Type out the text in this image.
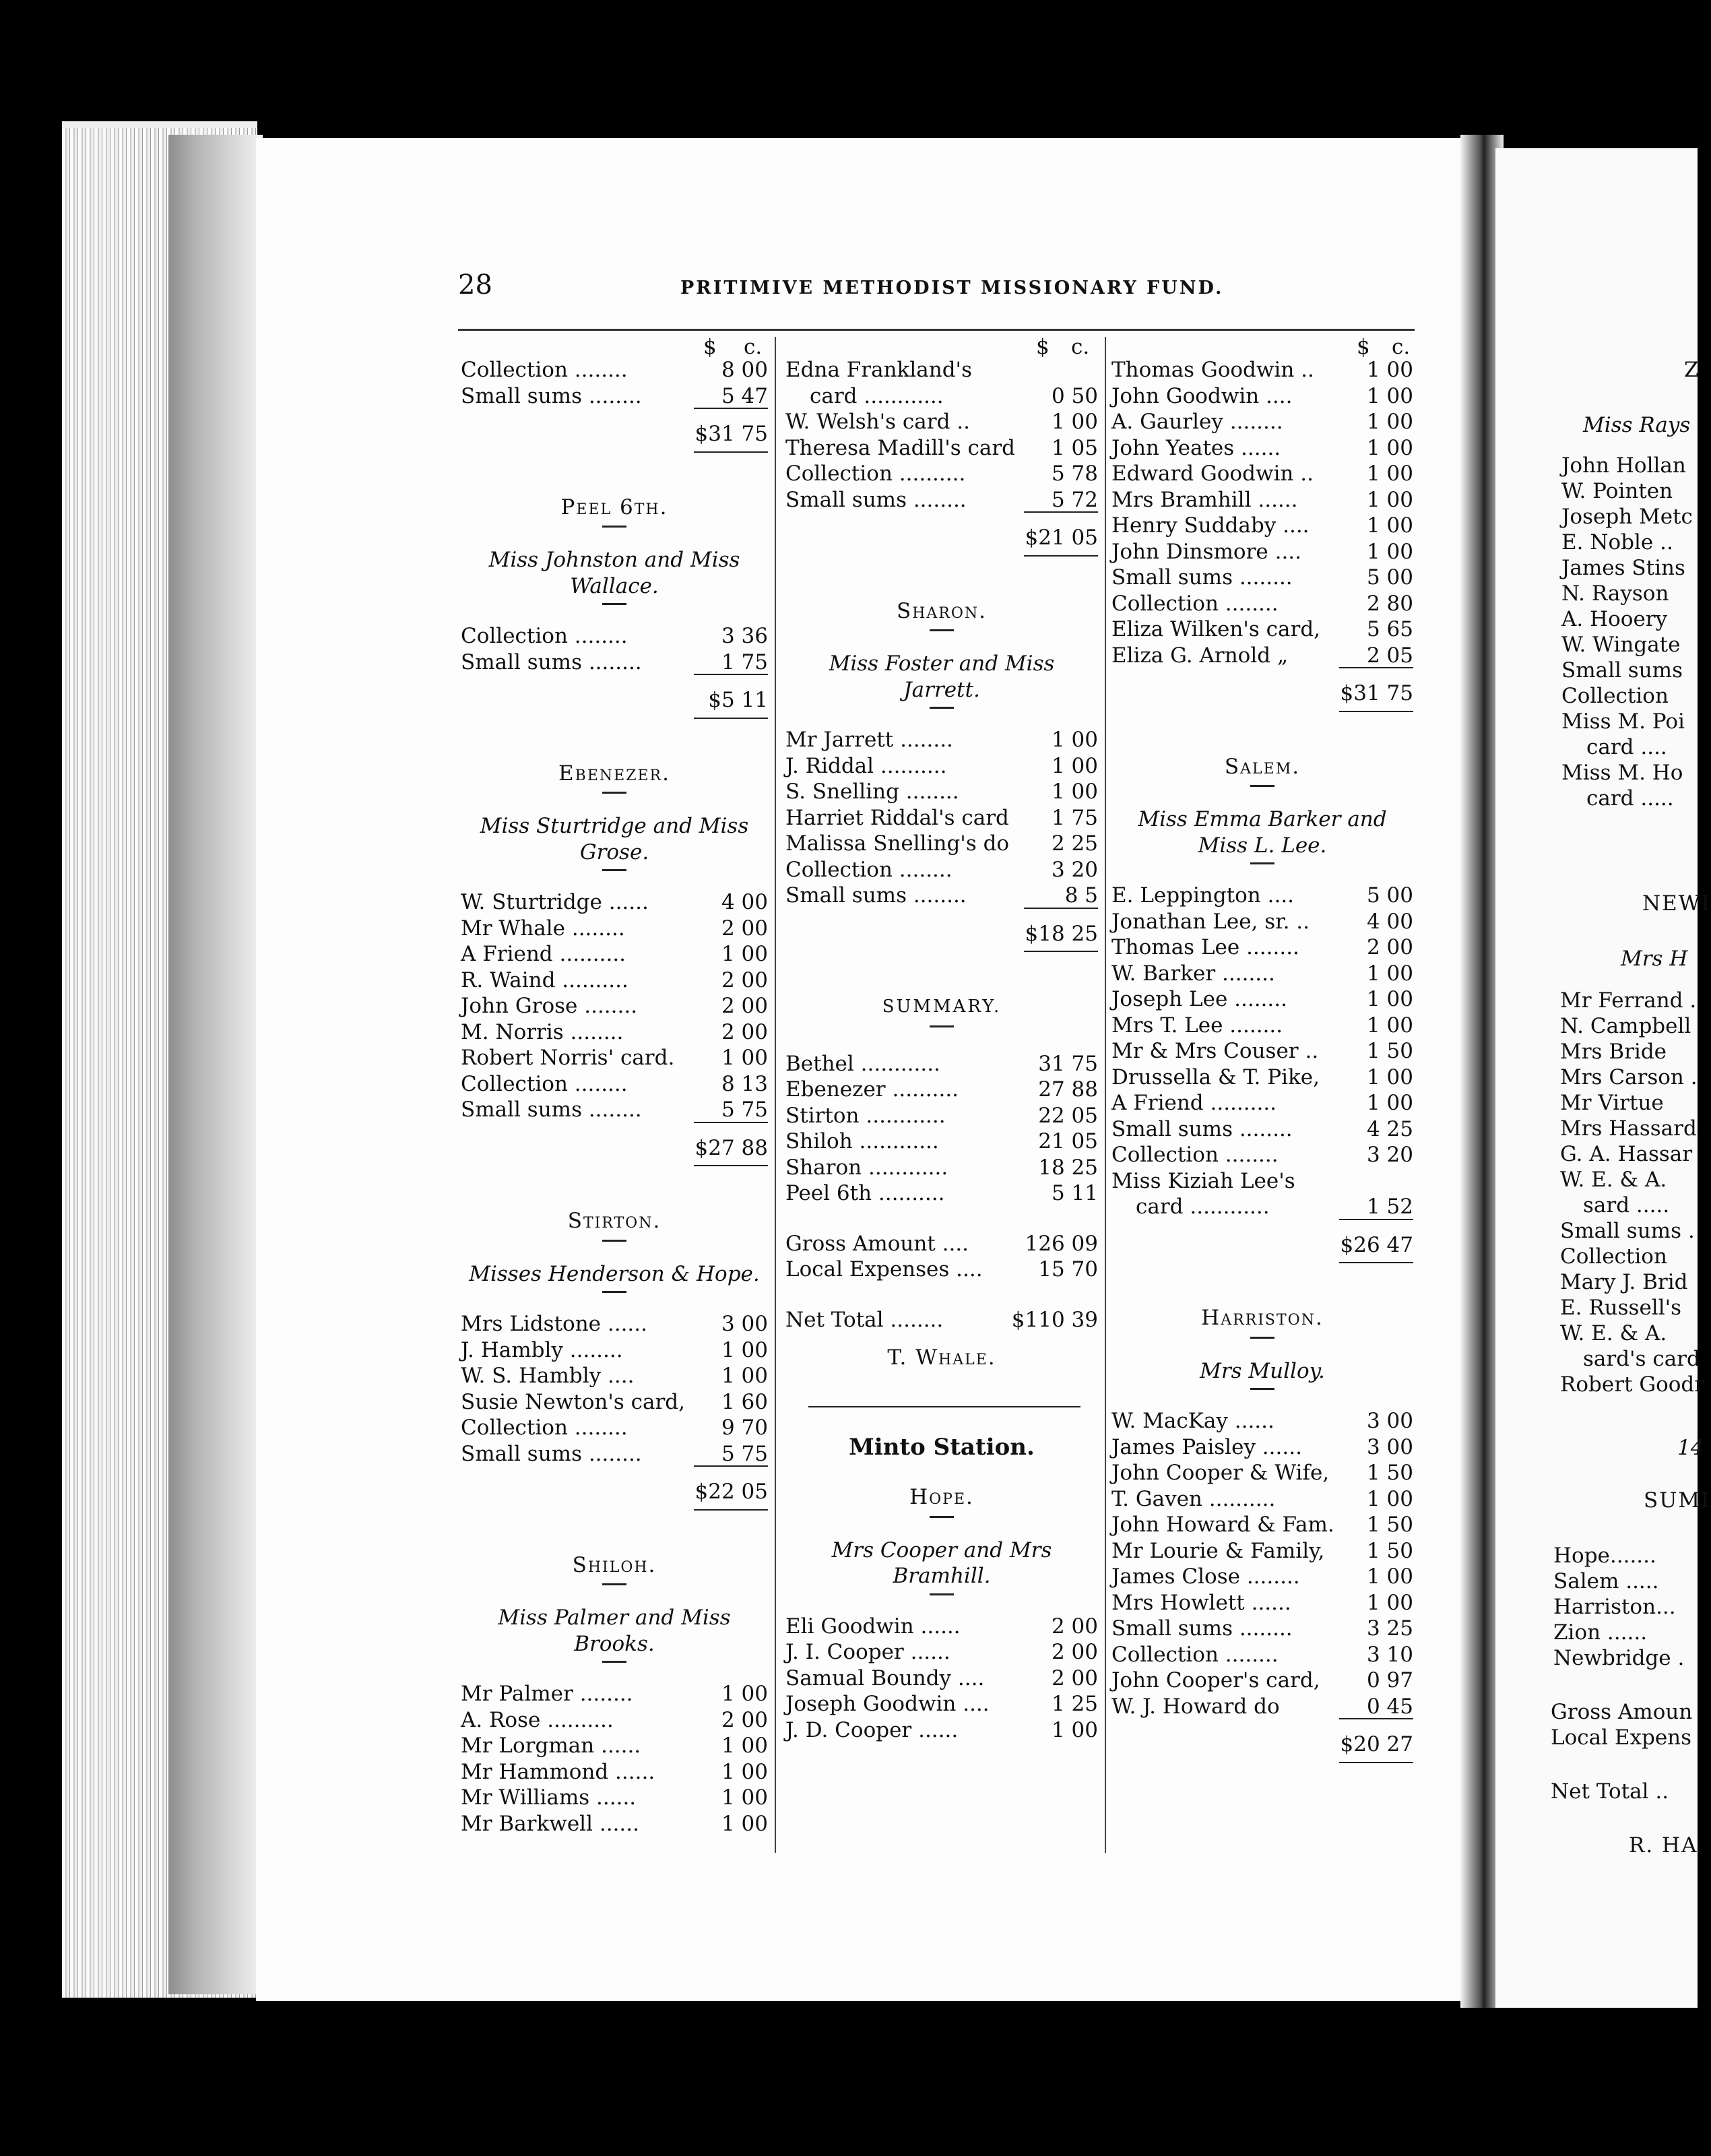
28	PRITIMIVE METHODIST MISSIONARY FUND.
$ c.	$ c.	$ c.
Collection ........	8 00
Small sums ........	5 47
$31 75
Peel 6th.
Miss Johnston and Miss
Wallace.
Collection ........	3 36
Small sums ........	1 75
$5 11
Ebenezer.
Miss Sturtridge and Miss
Grose.
W. Sturtridge ......	4 00
Mr Whale ........	2 00
A Friend ..........	1 00
R. Waind ..........	2 00
John Grose ........	2 00
M. Norris ........	2 00
Robert Norris' card.	1 00
Collection ........	8 13
Small sums ........	5 75
$27 88
Stirton.
Misses Henderson & Hope.
Mrs Lidstone ......	3 00
J. Hambly ........	1 00
W. S. Hambly ....	1 00
Susie Newton's card,	1 60
Collection ........	9 70
Small sums ........	5 75
$22 05
Shiloh.
Miss Palmer and Miss
Brooks.
Mr Palmer ........	1 00
A. Rose ..........	2 00
Mr Lorgman ......	1 00
Mr Hammond ......	1 00
Mr Williams ......	1 00
Mr Barkwell ......	1 00
Edna Frankland's
card ............	0 50
W. Welsh's card ..	1 00
Theresa Madill's card	1 05
Collection ..........	5 78
Small sums ........	5 72
$21 05
Sharon.
Miss Foster and Miss
Jarrett.
Mr Jarrett ........	1 00
J. Riddal ..........	1 00
S. Snelling ........	1 00
Harriet Riddal's card	1 75
Malissa Snelling's do	2 25
Collection ........	3 20
Small sums ........	8 5
$18 25
SUMMARY.
Bethel ............	31 75
Ebenezer ..........	27 88
Stirton ............	22 05
Shiloh ............	21 05
Sharon ............	18 25
Peel 6th ..........	5 11
Gross Amount ....	126 09
Local Expenses ....	15 70
Net Total ........	$110 39
T. Whale.
Minto Station.
Hope.
Mrs Cooper and Mrs
Bramhill.
Eli Goodwin ......	2 00
J. I. Cooper ......	2 00
Samual Boundy ....	2 00
Joseph Goodwin ....	1 25
J. D. Cooper ......	1 00
Thomas Goodwin ..	1 00
John Goodwin ....	1 00
A. Gaurley ........	1 00
John Yeates ......	1 00
Edward Goodwin ..	1 00
Mrs Bramhill ......	1 00
Henry Suddaby ....	1 00
John Dinsmore ....	1 00
Small sums ........	5 00
Collection ........	2 80
Eliza Wilken's card,	5 65
Eliza G. Arnold „	2 05
$31 75
Salem.
Miss Emma Barker and
Miss L. Lee.
E. Leppington ....	5 00
Jonathan Lee, sr. ..	4 00
Thomas Lee ........	2 00
W. Barker ........	1 00
Joseph Lee ........	1 00
Mrs T. Lee ........	1 00
Mr & Mrs Couser ..	1 50
Drussella & T. Pike,	1 00
A Friend ..........	1 00
Small sums ........	4 25
Collection ........	3 20
Miss Kiziah Lee's
card ............	1 52
$26 47
Harriston.
Mrs Mulloy.
W. MacKay ......	3 00
James Paisley ......	3 00
John Cooper & Wife,	1 50
T. Gaven ..........	1 00
John Howard & Fam.	1 50
Mr Lourie & Family,	1 50
James Close ........	1 00
Mrs Howlett ......	1 00
Small sums ........	3 25
Collection ........	3 10
John Cooper's card,	0 97
W. J. Howard do	0 45
$20 27
Z
Miss Rays
John Hollan
W. Pointen
Joseph Metc
E. Noble ..
James Stins
N. Rayson
A. Hooery
W. Wingate
Small sums
Collection
Miss M. Poi
card ....
Miss M. Ho
card .....
NEWI
Mrs H
Mr Ferrand .
N. Campbell
Mrs Bride
Mrs Carson .
Mr Virtue
Mrs Hassard
G. A. Hassar
W. E. & A.
sard .....
Small sums .
Collection
Mary J. Brid
E. Russell's
W. E. & A.
sard's card
Robert Goodr
14
SUMI
Hope.......
Salem .....
Harriston...
Zion ......
Newbridge .
Gross Amoun
Local Expens
Net Total ..
R. HA
